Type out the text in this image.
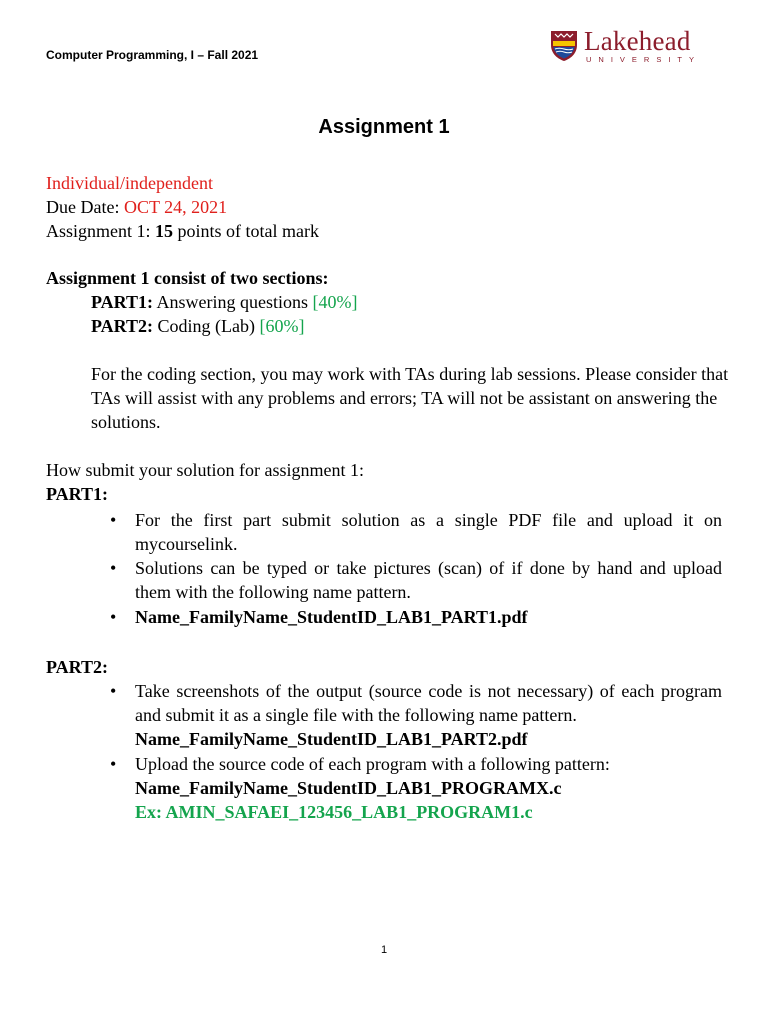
Computer Programming, I – Fall 2021	Lakehead
UNIVERSITY
Assignment 1
Individual/independent
Due Date: OCT 24, 2021
Assignment 1: 15 points of total mark
Assignment 1 consist of two sections:
PART1: Answering questions [40%]
PART2: Coding (Lab) [60%]
For the coding section, you may work with TAs during lab sessions. Please consider that TAs will assist with any problems and errors; TA will not be assistant on answering the solutions.
How submit your solution for assignment 1:
PART1:
• For the first part submit solution as a single PDF file and upload it on mycourselink.
• Solutions can be typed or take pictures (scan) of if done by hand and upload them with the following name pattern.
• Name_FamilyName_StudentID_LAB1_PART1.pdf
PART2:
• Take screenshots of the output (source code is not necessary) of each program and submit it as a single file with the following name pattern.
Name_FamilyName_StudentID_LAB1_PART2.pdf
• Upload the source code of each program with a following pattern:
Name_FamilyName_StudentID_LAB1_PROGRAMX.c
Ex: AMIN_SAFAEI_123456_LAB1_PROGRAM1.c
1
